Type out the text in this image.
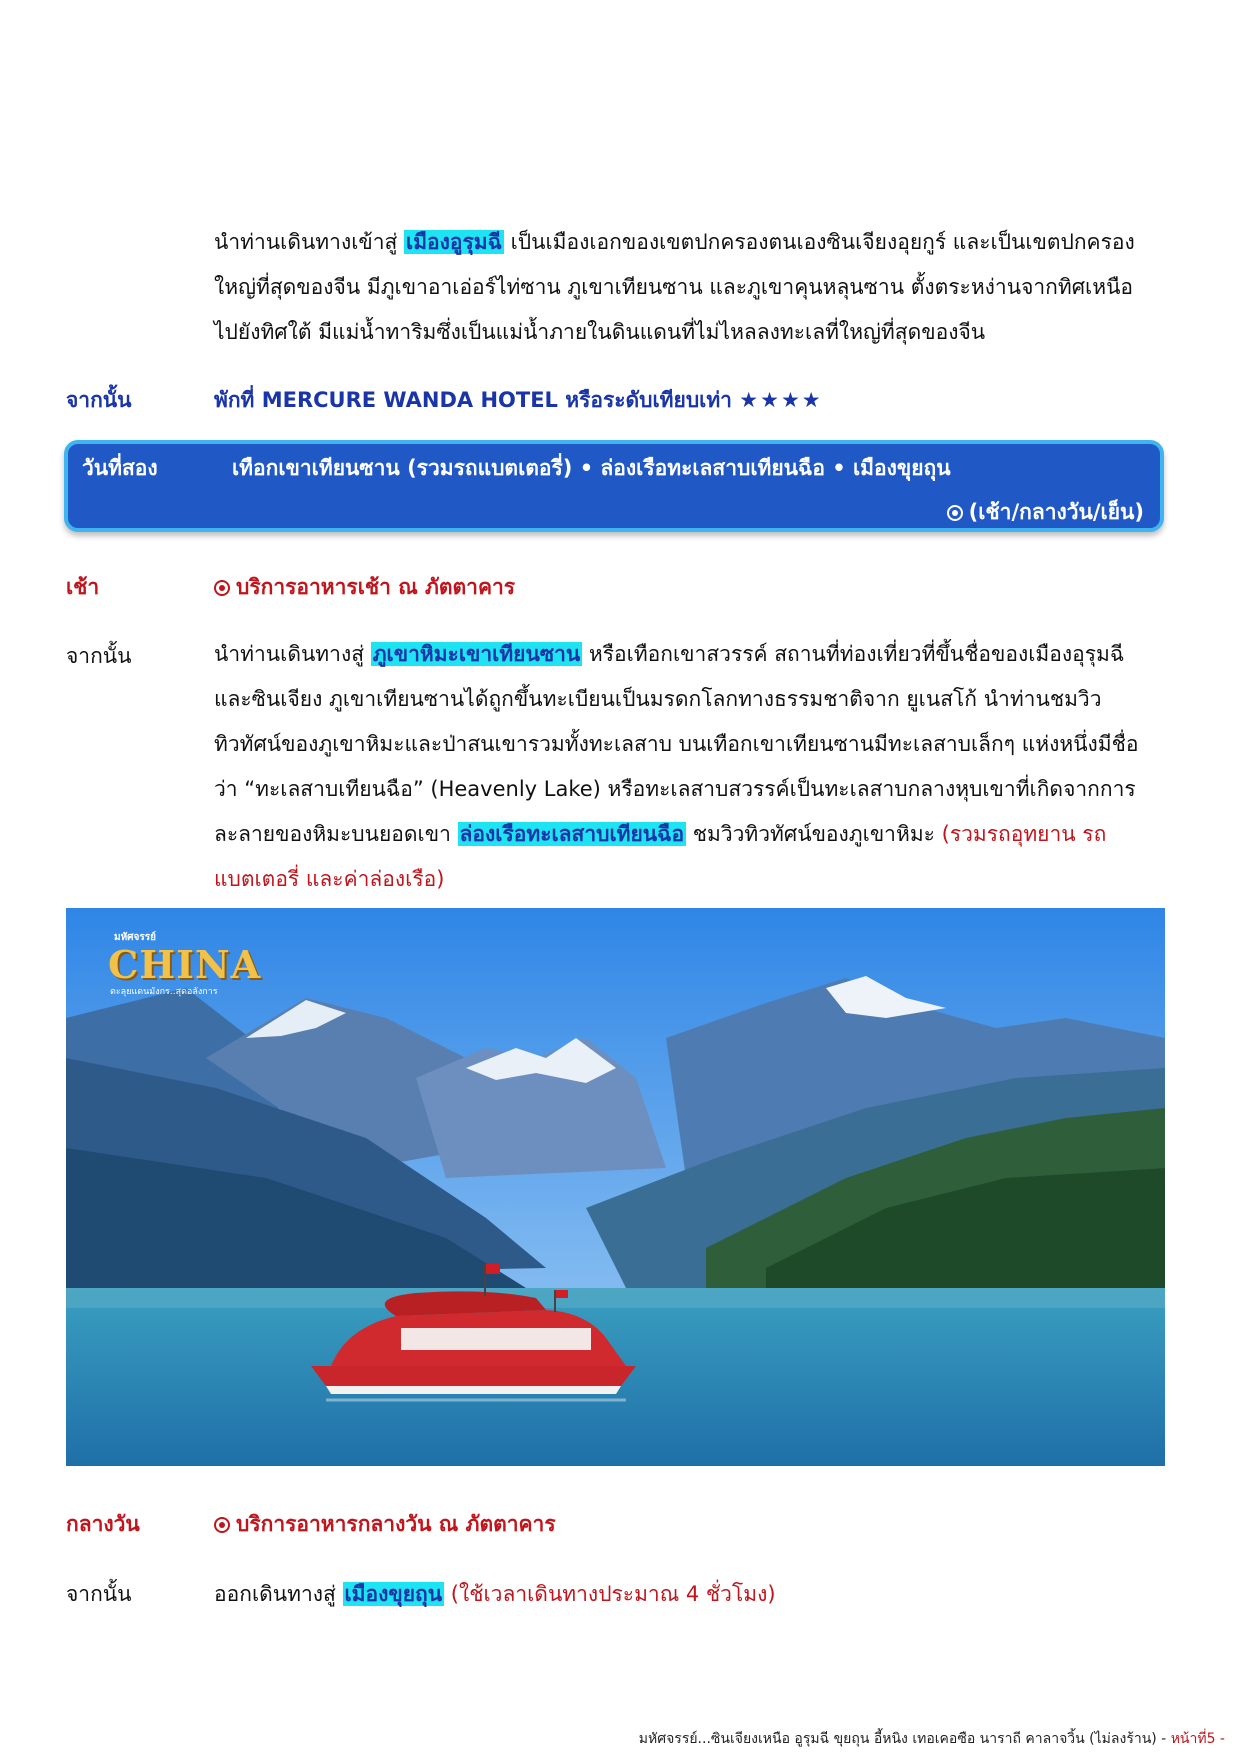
นำท่านเดินทางเข้าสู่ เมืองอูรุมฉี เป็นเมืองเอกของเขตปกครองตนเองซินเจียงอุยกูร์ และเป็นเขตปกครองใหญ่ที่สุดของจีน มีภูเขาอาเอ่อร์ไท่ซาน ภูเขาเทียนซาน และภูเขาคุนหลุนซาน ตั้งตระหง่านจากทิศเหนือไปยังทิศใต้ มีแม่น้ำทาริมซึ่งเป็นแม่น้ำภายในดินแดนที่ไม่ไหลลงทะเลที่ใหญ่ที่สุดของจีน
จากนั้น	พักที่ MERCURE WANDA HOTEL หรือระดับเทียบเท่า ★★★★
วันที่สอง	เทือกเขาเทียนซาน (รวมรถแบตเตอรี่) • ล่องเรือทะเลสาบเทียนฉือ • เมืองขุยถุน
(เช้า/กลางวัน/เย็น)
เช้า	บริการอาหารเช้า ณ ภัตตาคาร
จากนั้น	นำท่านเดินทางสู่ ภูเขาหิมะเขาเทียนซาน หรือเทือกเขาสวรรค์ สถานที่ท่องเที่ยวที่ขึ้นชื่อของเมืองอุรุมฉีและซินเจียง ภูเขาเทียนซานได้ถูกขึ้นทะเบียนเป็นมรดกโลกทางธรรมชาติจาก ยูเนสโก้ นำท่านชมวิวทิวทัศน์ของภูเขาหิมะและป่าสนเขารวมทั้งทะเลสาบ บนเทือกเขาเทียนซานมีทะเลสาบเล็กๆ แห่งหนึ่งมีชื่อว่า “ทะเลสาบเทียนฉือ” (Heavenly Lake) หรือทะเลสาบสวรรค์เป็นทะเลสาบกลางหุบเขาที่เกิดจากการละลายของหิมะบนยอดเขา ล่องเรือทะเลสาบเทียนฉือ ชมวิวทิวทัศน์ของภูเขาหิมะ (รวมรถอุทยาน รถแบตเตอรี่ และค่าล่องเรือ)
มหัศจรรย์
CHINA
ตะลุยแดนมังกร..สุดอลังการ
กลางวัน	บริการอาหารกลางวัน ณ ภัตตาคาร
จากนั้น	ออกเดินทางสู่ เมืองขุยถุน (ใช้เวลาเดินทางประมาณ 4 ชั่วโมง)
มหัศจรรย์...ซินเจียงเหนือ อูรุมฉี ขุยถุน อี้หนิง เทอเคอซือ นาราถี คาลาจวิ้น (ไม่ลงร้าน) - หน้าที่5 -
